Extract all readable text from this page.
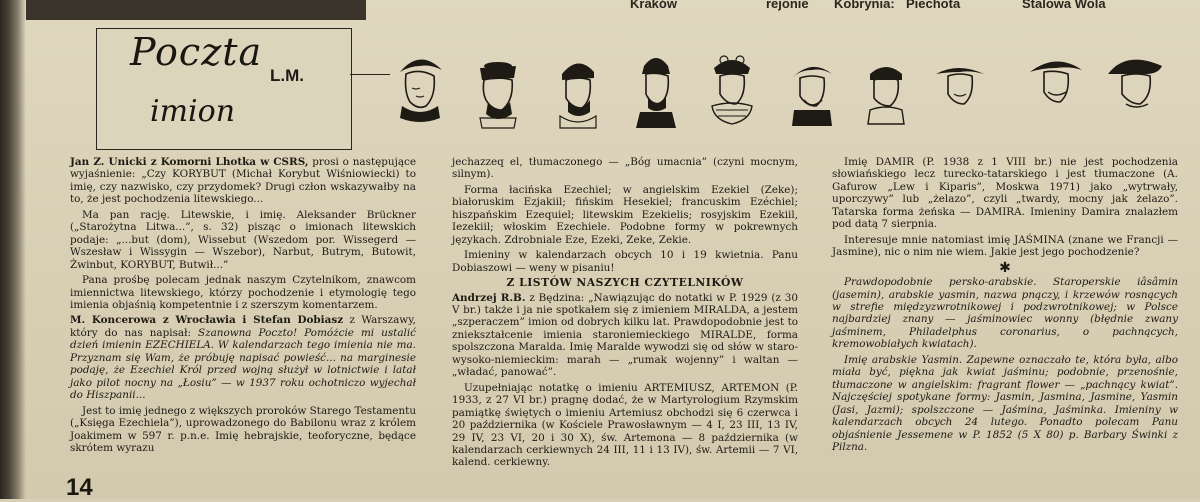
Kraków	rejonie Kobrynia: Piechota	Stalowa Wola
Poczta
imion
L.M.

Jan Z. Unicki z Komorni Lhotka w CSRS, prosi o następujące wyjaśnienie: „Czy KORYBUT (Michał Korybut Wiśniowiecki) to imię, czy nazwisko, czy przydomek? Drugi człon wskazywałby na to, że jest pochodzenia litewskiego...

Ma pan rację. Litewskie, i imię. Aleksander Brückner („Starożytna Litwa...”, s. 32) pisząc o imionach litewskich podaje: „...but (dom), Wissebut (Wszedom por. Wissegerd — Wszesław i Wissygin — Wszebor), Narbut, Butrym, Butowit, Żwinbut, KORYBUT, Butwił...”

Pana prośbę polecam jednak naszym Czytelnikom, znawcom imiennictwa litewskiego, którzy pochodzenie i etymologię tego imienia objaśnią kompetentnie i z szerszym komentarzem.

M. Koncerowa z Wrocławia i Stefan Dobiasz z Warszawy, który do nas napisał: Szanowna Poczto! Pomóżcie mi ustalić dzień imienin EZECHIELA. W kalendarzach tego imienia nie ma. Przyznam się Wam, że próbuję napisać powieść... na marginesie podaję, że Ezechiel Król przed wojną służył w lotnictwie i latał jako pilot nocny na „Łosiu” — w 1937 roku ochotniczo wyjechał do Hiszpanii...

Jest to imię jednego z większych proroków Starego Testamentu („Księga Ezechiela”), uprowadzonego do Babilonu wraz z królem Joakimem w 597 r. p.n.e. Imię hebrajskie, teoforyczne, będące skrótem wyrazu

jechazzeq el, tłumaczonego — „Bóg umacnia” (czyni mocnym, silnym).

Forma łacińska Ezechiel; w angielskim Ezekiel (Zeke); białoruskim Ezjakiil; fińskim Hesekiel; francuskim Ezéchiel; hiszpańskim Ezequiel; litewskim Ezekielis; rosyjskim Ezekiil, Iezekiil; włoskim Ezechiele. Podobne formy w pokrewnych językach. Zdrobniale Eze, Ezeki, Zeke, Zekie.

Imieniny w kalendarzach obcych 10 i 19 kwietnia. Panu Dobiaszowi — weny w pisaniu!

Z LISTÓW NASZYCH CZYTELNIKÓW

Andrzej R.B. z Będzina: „Nawiązując do notatki w P. 1929 (z 30 V br.) także i ja nie spotkałem się z imieniem MIRALDA, a jestem „szperaczem” imion od dobrych kilku lat. Prawdopodobnie jest to zniekształcenie imienia staroniemieckiego MIRALDE, forma spolszczona Maralda. Imię Maralde wywodzi się od słów w staro-wysoko-niemieckim: marah — „rumak wojenny” i waltan — „władać, panować”.

Uzupełniając notatkę o imieniu ARTEMIUSZ, ARTEMON (P. 1933, z 27 VI br.) pragnę dodać, że w Martyrologium Rzymskim pamiątkę świętych o imieniu Artemiusz obchodzi się 6 czerwca i 20 października (w Kościele Prawosławnym — 4 I, 23 III, 13 IV, 29 IV, 23 VI, 20 i 30 X), św. Artemona — 8 października (w kalendarzach cerkiewnych 24 III, 11 i 13 IV), św. Artemii — 7 VI, kalend. cerkiewny.

Imię DAMIR (P. 1938 z 1 VIII br.) nie jest pochodzenia słowiańskiego lecz turecko-tatarskiego i jest tłumaczone (A. Gafurow „Lew i Kiparis”, Moskwa 1971) jako „wytrwały, uporczywy” lub „żelazo”, czyli „twardy, mocny jak żelazo”. Tatarska forma żeńska — DAMIRA. Imieniny Damira znalazłem pod datą 7 sierpnia.

Interesuje mnie natomiast imię JAŚMINA (znane we Francji — Jasmine), nic o nim nie wiem. Jakie jest jego pochodzenie?

✱

Prawdopodobnie persko-arabskie. Staroperskie iâsâmin (jasemin), arabskie yasmin, nazwa pnączy, i krzewów rosnących w strefie międzyzwrotnikowej i podzwrotnikowej; w Polsce najbardziej znany — jaśminowiec wonny (błędnie zwany jaśminem, Philadelphus coronarius, o pachnących, kremowobiałych kwiatach).

Imię arabskie Yasmin. Zapewne oznaczało te, która była, albo miała być, piękna jak kwiat jaśminu; podobnie, przenośnie, tłumaczone w angielskim: fragrant flower — „pachnący kwiat”. Najczęściej spotykane formy: Jasmin, Jasmina, Jasmine, Yasmin (Jasi, Jazmi); spolszczone — Jaśmina, Jaśminka. Imieniny w kalendarzach obcych 24 lutego. Ponadto polecam Panu objaśnienie Jessemene w P. 1852 (5 X 80) p. Barbary Świnki z Pilzna.

14
